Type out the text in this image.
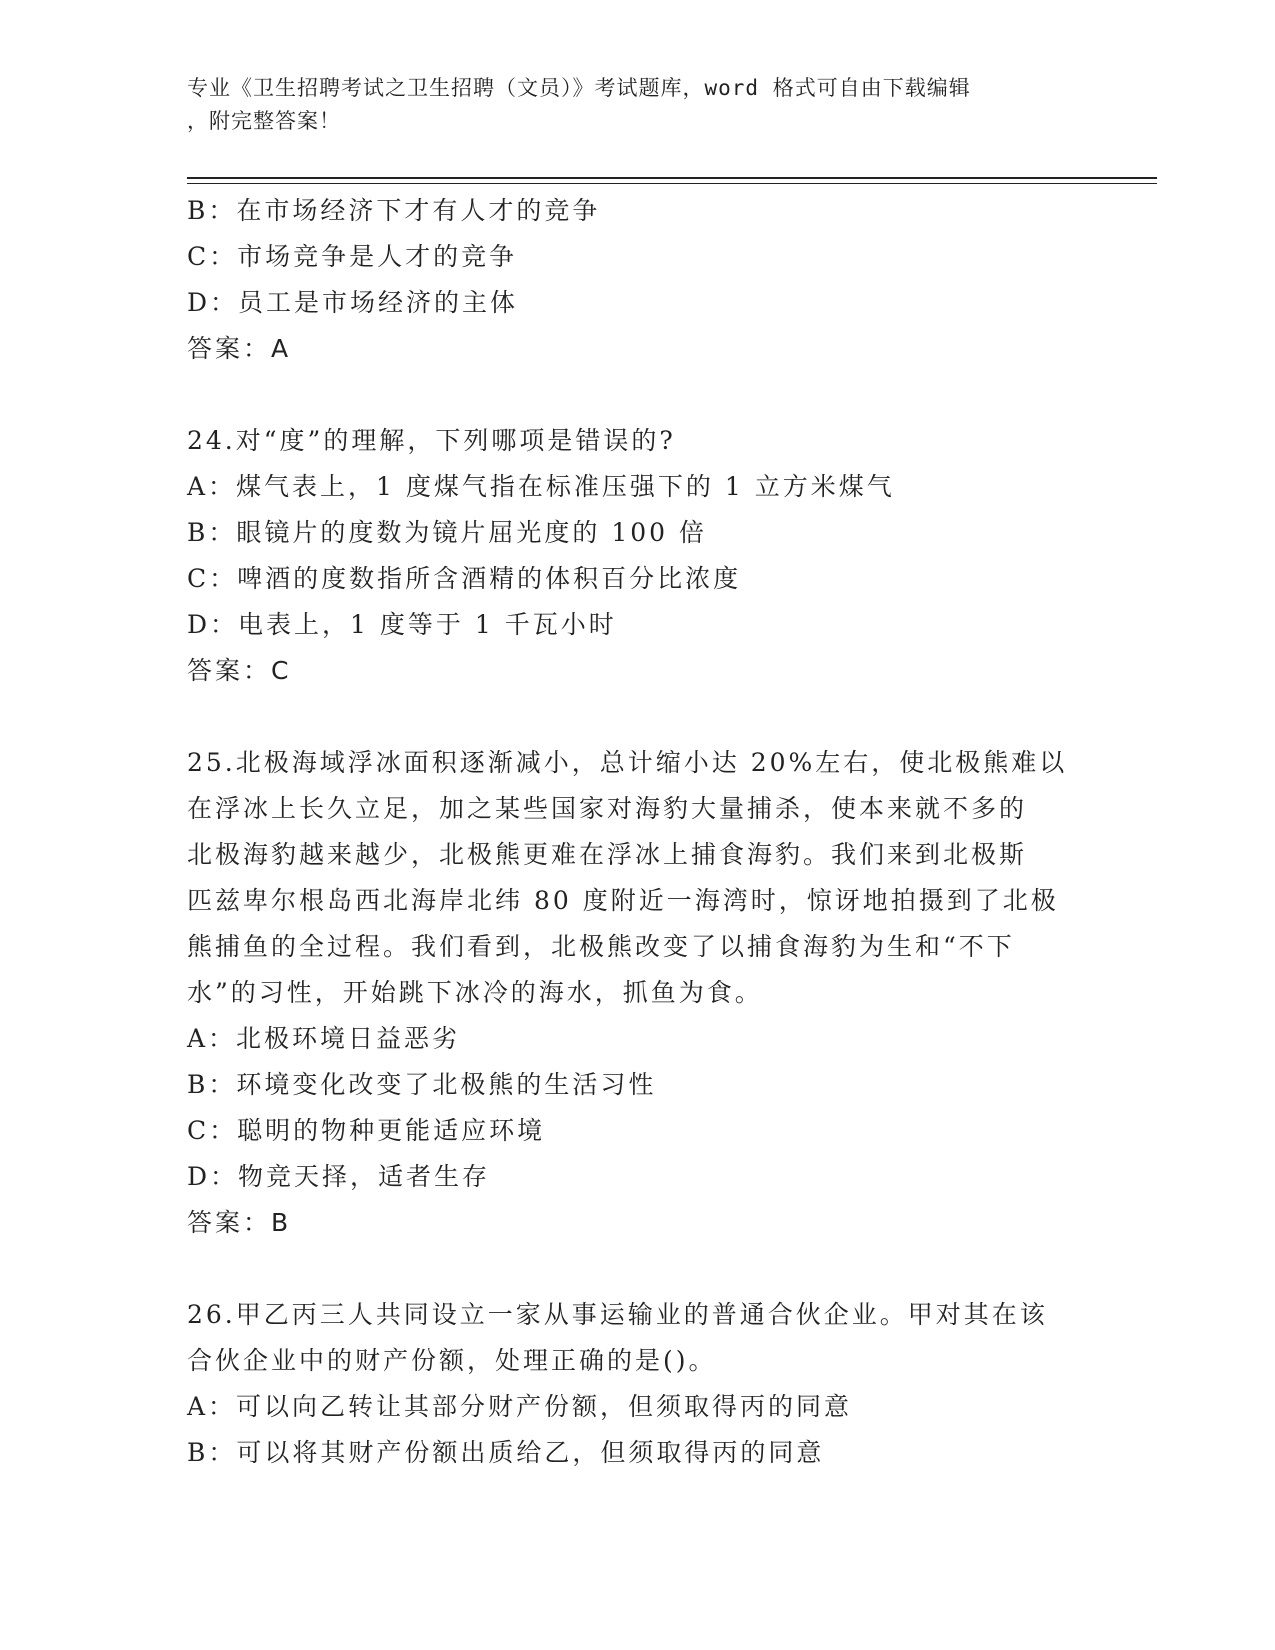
专业《卫生招聘考试之卫生招聘（文员）》考试题库，word 格式可自由下载编辑
，附完整答案！
B：在市场经济下才有人才的竞争
C：市场竞争是人才的竞争
D：员工是市场经济的主体
答案：A
24.对“度”的理解，下列哪项是错误的?
A：煤气表上，1 度煤气指在标准压强下的 1 立方米煤气
B：眼镜片的度数为镜片屈光度的 100 倍
C：啤酒的度数指所含酒精的体积百分比浓度
D：电表上，1 度等于 1 千瓦小时
答案：C
25.北极海域浮冰面积逐渐减小，总计缩小达 20%左右，使北极熊难以
在浮冰上长久立足，加之某些国家对海豹大量捕杀，使本来就不多的
北极海豹越来越少，北极熊更难在浮冰上捕食海豹。我们来到北极斯
匹兹卑尔根岛西北海岸北纬 80 度附近一海湾时，惊讶地拍摄到了北极
熊捕鱼的全过程。我们看到，北极熊改变了以捕食海豹为生和“不下
水”的习性，开始跳下冰冷的海水，抓鱼为食。
A：北极环境日益恶劣
B：环境变化改变了北极熊的生活习性
C：聪明的物种更能适应环境
D：物竞天择，适者生存
答案：B
26.甲乙丙三人共同设立一家从事运输业的普通合伙企业。甲对其在该
合伙企业中的财产份额，处理正确的是()。
A：可以向乙转让其部分财产份额，但须取得丙的同意
B：可以将其财产份额出质给乙，但须取得丙的同意
